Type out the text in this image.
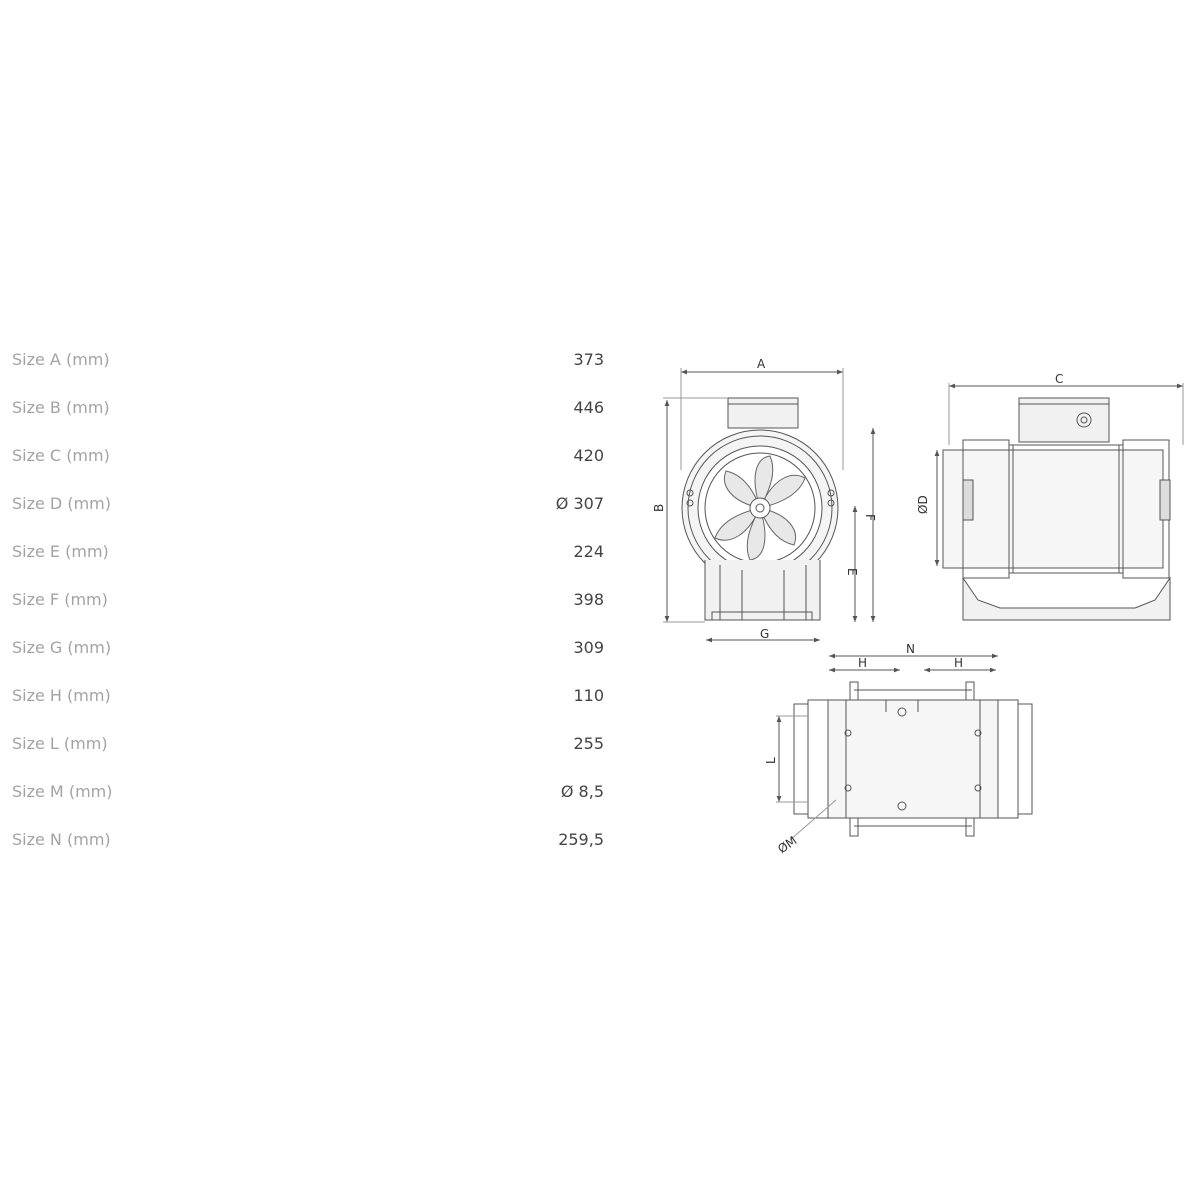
Size A (mm)	373
Size B (mm)	446
Size C (mm)	420
Size D (mm)	Ø 307
Size E (mm)	224
Size F (mm)	398
Size G (mm)	309
Size H (mm)	110
Size L (mm)	255
Size M (mm)	Ø 8,5
Size N (mm)	259,5
A
B
E
F
G
C
ØD
N
H	H
L
ØM
